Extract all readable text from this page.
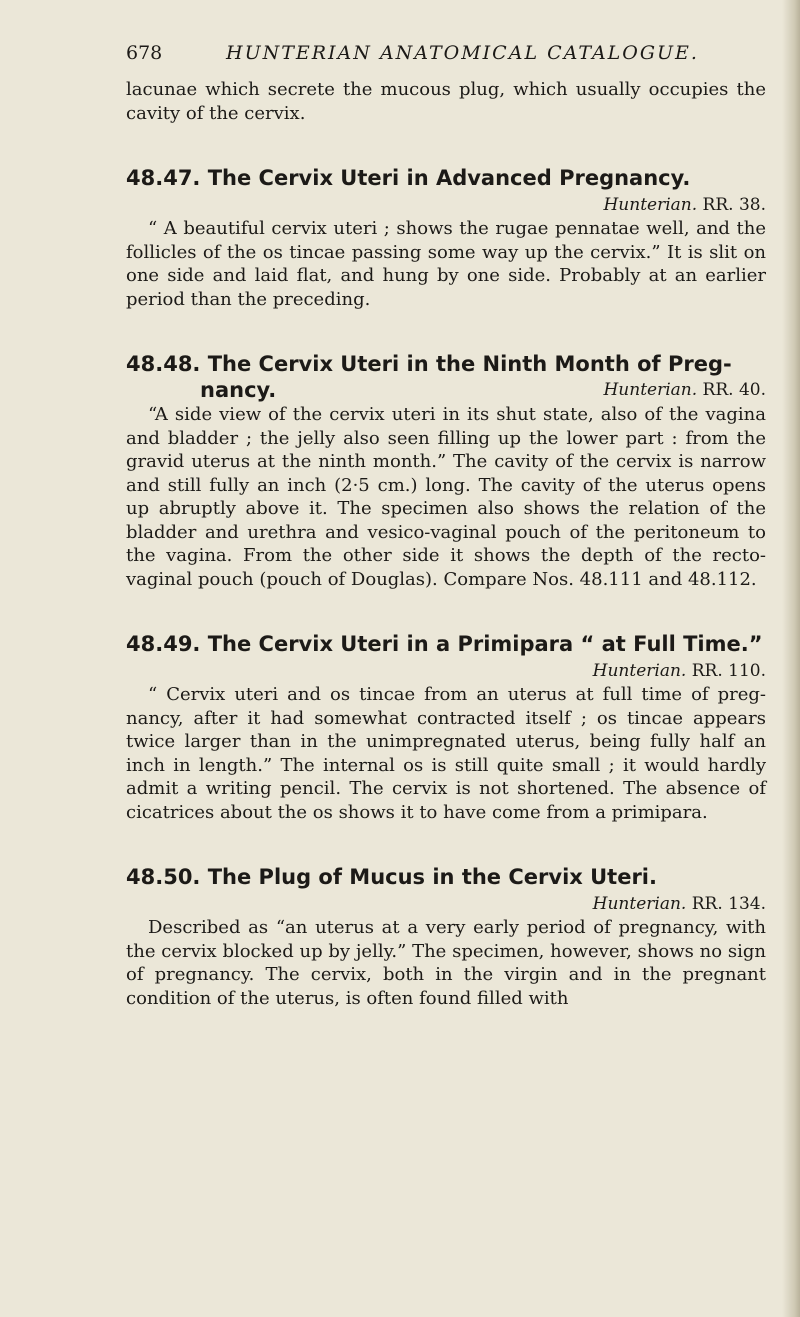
678	HUNTERIAN ANATOMICAL CATALOGUE.

lacunae which secrete the mucous plug, which usually occupies the cavity of the cervix.

48.47. The Cervix Uteri in Advanced Pregnancy.
Hunterian. RR. 38.

“ A beautiful cervix uteri ; shows the rugae pennatae well, and the follicles of the os tincae passing some way up the cervix.” It is slit on one side and laid flat, and hung by one side. Probably at an earlier period than the preceding.

48.48. The Cervix Uteri in the Ninth Month of Preg-
Hunterian. RR. 40.
nancy.

“A side view of the cervix uteri in its shut state, also of the vagina and bladder ; the jelly also seen filling up the lower part : from the gravid uterus at the ninth month.” The cavity of the cervix is narrow and still fully an inch (2·5 cm.) long. The cavity of the uterus opens up abruptly above it. The specimen also shows the relation of the bladder and urethra and vesico-vaginal pouch of the peritoneum to the vagina. From the other side it shows the depth of the recto-vaginal pouch (pouch of Douglas). Compare Nos. 48.111 and 48.112.

48.49. The Cervix Uteri in a Primipara “ at Full Time.”
Hunterian. RR. 110.

“ Cervix uteri and os tincae from an uterus at full time of preg-nancy, after it had somewhat contracted itself ; os tincae appears twice larger than in the unimpregnated uterus, being fully half an inch in length.” The internal os is still quite small ; it would hardly admit a writing pencil. The cervix is not shortened. The absence of cicatrices about the os shows it to have come from a primipara.

48.50. The Plug of Mucus in the Cervix Uteri.
Hunterian. RR. 134.

Described as “an uterus at a very early period of pregnancy, with the cervix blocked up by jelly.” The specimen, however, shows no sign of pregnancy. The cervix, both in the virgin and in the pregnant condition of the uterus, is often found filled with
